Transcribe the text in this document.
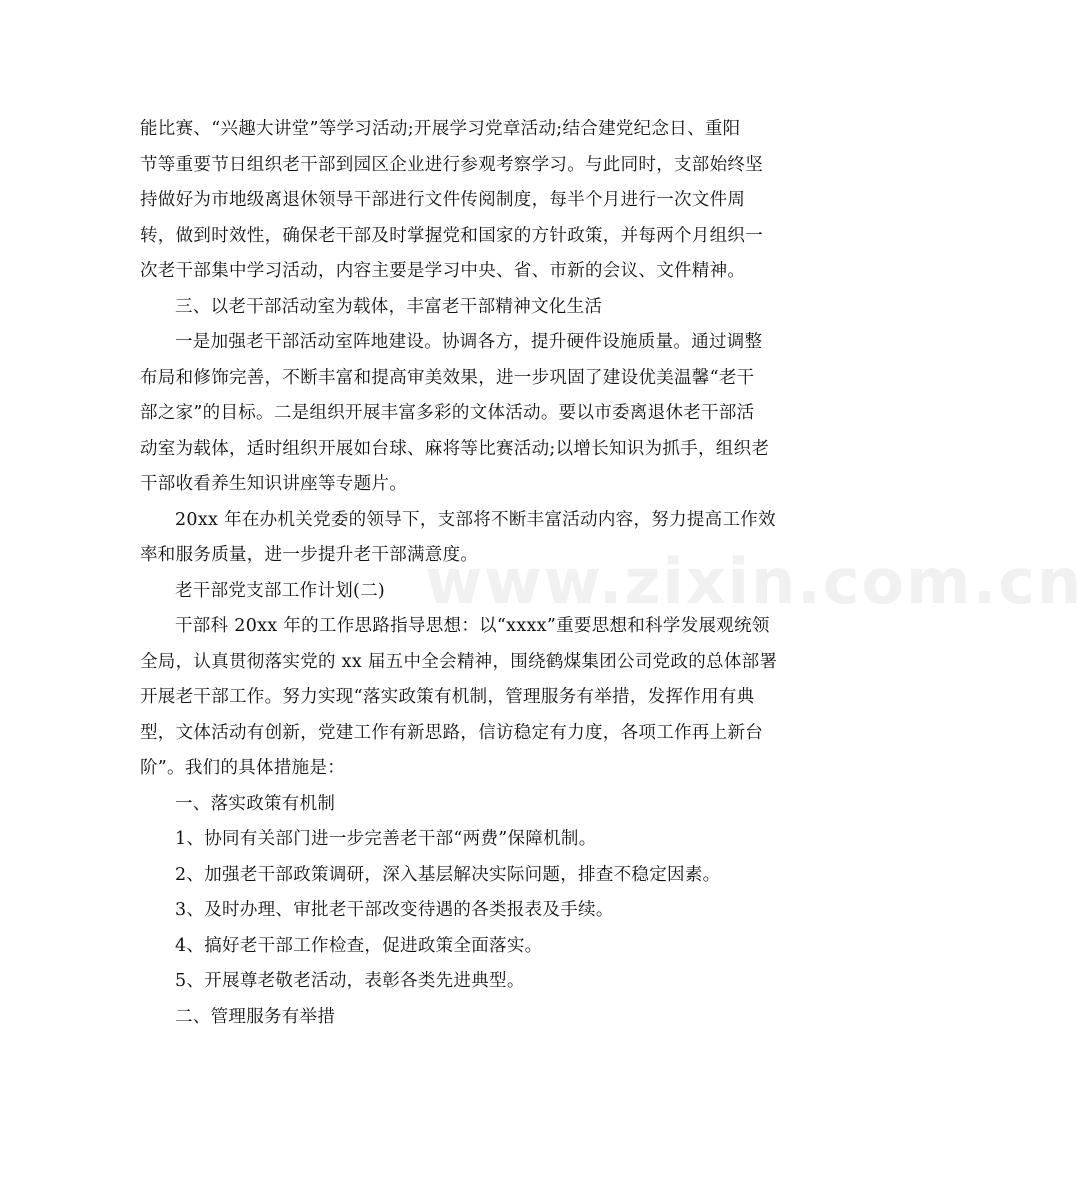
www.zixin.com.cn
能比赛、“兴趣大讲堂”等学习活动;开展学习党章活动;结合建党纪念日、重阳
节等重要节日组织老干部到园区企业进行参观考察学习。与此同时，支部始终坚
持做好为市地级离退休领导干部进行文件传阅制度，每半个月进行一次文件周
转，做到时效性，确保老干部及时掌握党和国家的方针政策，并每两个月组织一
次老干部集中学习活动，内容主要是学习中央、省、市新的会议、文件精神。
三、以老干部活动室为载体，丰富老干部精神文化生活
一是加强老干部活动室阵地建设。协调各方，提升硬件设施质量。通过调整
布局和修饰完善，不断丰富和提高审美效果，进一步巩固了建设优美温馨“老干
部之家”的目标。二是组织开展丰富多彩的文体活动。要以市委离退休老干部活
动室为载体，适时组织开展如台球、麻将等比赛活动;以增长知识为抓手，组织老
干部收看养生知识讲座等专题片。
20xx 年在办机关党委的领导下，支部将不断丰富活动内容，努力提高工作效
率和服务质量，进一步提升老干部满意度。
老干部党支部工作计划(二)
干部科 20xx 年的工作思路指导思想：以“xxxx”重要思想和科学发展观统领
全局，认真贯彻落实党的 xx 届五中全会精神，围绕鹤煤集团公司党政的总体部署
开展老干部工作。努力实现“落实政策有机制，管理服务有举措，发挥作用有典
型，文体活动有创新，党建工作有新思路，信访稳定有力度，各项工作再上新台
阶”。我们的具体措施是：
一、落实政策有机制
1、协同有关部门进一步完善老干部“两费”保障机制。
2、加强老干部政策调研，深入基层解决实际问题，排查不稳定因素。
3、及时办理、审批老干部改变待遇的各类报表及手续。
4、搞好老干部工作检查，促进政策全面落实。
5、开展尊老敬老活动，表彰各类先进典型。
二、管理服务有举措
